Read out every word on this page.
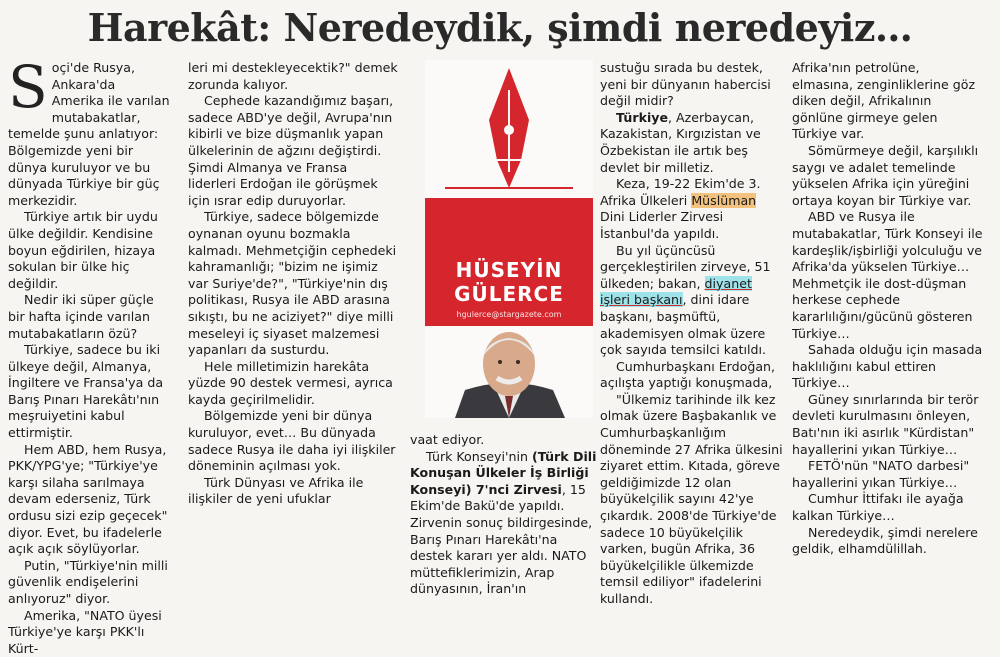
Harekât: Neredeydik, şimdi neredeyiz…

Soçi'de Rusya, Ankara'da Amerika ile varılan mutabakatlar, temelde şunu anlatıyor: Bölgemizde yeni bir dünya kuruluyor ve bu dünyada Türkiye bir güç merkezidir.

Türkiye artık bir uydu ülke değildir. Kendisine boyun eğdirilen, hizaya sokulan bir ülke hiç değildir.

Nedir iki süper güçle bir hafta içinde varılan mutabakatların özü?

Türkiye, sadece bu iki ülkeye değil, Almanya, İngiltere ve Fransa'ya da Barış Pınarı Harekâtı'nın meşruiyetini kabul ettirmiştir.

Hem ABD, hem Rusya, PKK/YPG'ye; "Türkiye'ye karşı silaha sarılmaya devam ederseniz, Türk ordusu sizi ezip geçecek" diyor. Evet, bu ifadelerle açık açık söylüyorlar.

Putin, "Türkiye'nin milli güvenlik endişelerini anlıyoruz" diyor.

Amerika, "NATO üyesi Türkiye'ye karşı PKK'lı Kürt-

leri mi destekleyecektik?" demek zorunda kalıyor.

Cephede kazandığımız başarı, sadece ABD'ye değil, Avrupa'nın kibirli ve bize düşmanlık yapan ülkelerinin de ağzını değiştirdi. Şimdi Almanya ve Fransa liderleri Erdoğan ile görüşmek için ısrar edip duruyorlar.

Türkiye, sadece bölgemizde oynanan oyunu bozmakla kalmadı. Mehmetçiğin cephedeki kahramanlığı; "bizim ne işimiz var Suriye'de?", "Türkiye'nin dış politikası, Rusya ile ABD arasına sıkıştı, bu ne aciziyet?" diye milli meseleyi iç siyaset malzemesi yapanları da susturdu.

Hele milletimizin harekâta yüzde 90 destek vermesi, ayrıca kayda geçirilmelidir.

Bölgemizde yeni bir dünya kuruluyor, evet… Bu dünyada sadece Rusya ile daha iyi ilişkiler döneminin açılması yok.

Türk Dünyası ve Afrika ile ilişkiler de yeni ufuklar

HÜSEYİN
GÜLERCE
hgulerce@stargazete.com

vaat ediyor.

Türk Konseyi'nin (Türk Dili Konuşan Ülkeler İş Birliği Konseyi) 7'nci Zirvesi, 15 Ekim'de Bakü'de yapıldı. Zirvenin sonuç bildirgesinde, Barış Pınarı Harekâtı'na destek kararı yer aldı. NATO müttefiklerimizin, Arap dünyasının, İran'ın

sustuğu sırada bu destek, yeni bir dünyanın habercisi değil midir?

Türkiye, Azerbaycan, Kazakistan, Kırgızistan ve Özbekistan ile artık beş devlet bir milletiz.

Keza, 19-22 Ekim'de 3. Afrika Ülkeleri Müslüman Dini Liderler Zirvesi İstanbul'da yapıldı.

Bu yıl üçüncüsü gerçekleştirilen zirveye, 51 ülkeden; bakan, diyanet işleri başkanı, dini idare başkanı, başmüftü, akademisyen olmak üzere çok sayıda temsilci katıldı.

Cumhurbaşkanı Erdoğan, açılışta yaptığı konuşmada,

"Ülkemiz tarihinde ilk kez olmak üzere Başbakanlık ve Cumhurbaşkanlığım döneminde 27 Afrika ülkesini ziyaret ettim. Kıtada, göreve geldiğimizde 12 olan büyükelçilik sayını 42'ye çıkardık. 2008'de Türkiye'de sadece 10 büyükelçilik varken, bugün Afrika, 36 büyükelçilikle ülkemizde temsil ediliyor" ifadelerini kullandı.

Afrika'nın petrolüne, elmasına, zenginliklerine göz diken değil, Afrikalının gönlüne girmeye gelen Türkiye var.

Sömürmeye değil, karşılıklı saygı ve adalet temelinde yükselen Afrika için yüreğini ortaya koyan bir Türkiye var.

ABD ve Rusya ile mutabakatlar, Türk Konseyi ile kardeşlik/işbirliği yolculuğu ve Afrika'da yükselen Türkiye… Mehmetçik ile dost-düşman herkese cephede kararlılığını/gücünü gösteren Türkiye…

Sahada olduğu için masada haklılığını kabul ettiren Türkiye…

Güney sınırlarında bir terör devleti kurulmasını önleyen, Batı'nın iki asırlık "Kürdistan" hayallerini yıkan Türkiye…

FETÖ'nün "NATO darbesi" hayallerini yıkan Türkiye…

Cumhur İttifakı ile ayağa kalkan Türkiye…

Neredeydik, şimdi nerelere geldik, elhamdülillah.
